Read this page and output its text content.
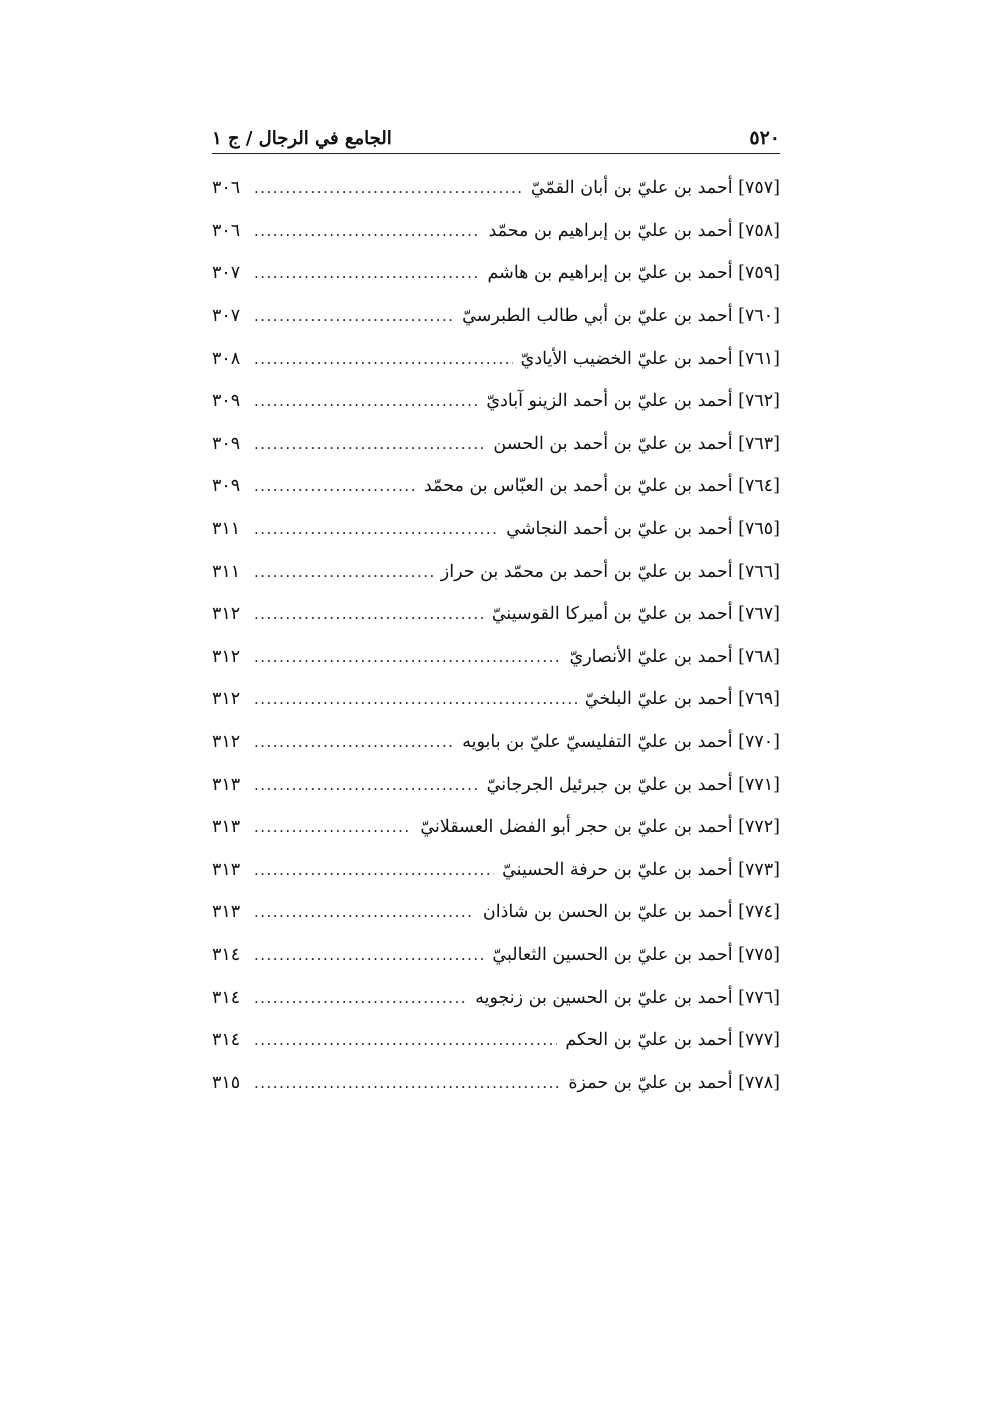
٥٢٠
الجامع في الرجال / ج ١
[٧٥٧] أحمد بن عليّ بن أبان القمّيّ
.....
٣٠٦
[٧٥٨] أحمد بن عليّ بن إبراهيم بن محمّد
.....
٣٠٦
[٧٥٩] أحمد بن عليّ بن إبراهيم بن هاشم
.....
٣٠٧
[٧٦٠] أحمد بن عليّ بن أبي طالب الطبرسيّ
.....
٣٠٧
[٧٦١] أحمد بن عليّ الخضيب الأياديّ
.....
٣٠٨
[٧٦٢] أحمد بن عليّ بن أحمد الزينو آباديّ
.....
٣٠٩
[٧٦٣] أحمد بن عليّ بن أحمد بن الحسن
.....
٣٠٩
[٧٦٤] أحمد بن عليّ بن أحمد بن العبّاس بن محمّد
.....
٣٠٩
[٧٦٥] أحمد بن عليّ بن أحمد النجاشي
.....
٣١١
[٧٦٦] أحمد بن عليّ بن أحمد بن محمّد بن حراز
.....
٣١١
[٧٦٧] أحمد بن عليّ بن أميركا القوسينيّ
.....
٣١٢
[٧٦٨] أحمد بن عليّ الأنصاريّ
.....
٣١٢
[٧٦٩] أحمد بن عليّ البلخيّ
.....
٣١٢
[٧٧٠] أحمد بن عليّ التفليسيّ عليّ بن بابويه
.....
٣١٢
[٧٧١] أحمد بن عليّ بن جبرئيل الجرجانيّ
.....
٣١٣
[٧٧٢] أحمد بن عليّ بن حجر أبو الفضل العسقلانيّ
.....
٣١٣
[٧٧٣] أحمد بن عليّ بن حرفة الحسينيّ
.....
٣١٣
[٧٧٤] أحمد بن عليّ بن الحسن بن شاذان
.....
٣١٣
[٧٧٥] أحمد بن عليّ بن الحسين الثعالبيّ
.....
٣١٤
[٧٧٦] أحمد بن عليّ بن الحسين بن زنجويه
.....
٣١٤
[٧٧٧] أحمد بن عليّ بن الحكم
.....
٣١٤
[٧٧٨] أحمد بن عليّ بن حمزة
.....
٣١٥
